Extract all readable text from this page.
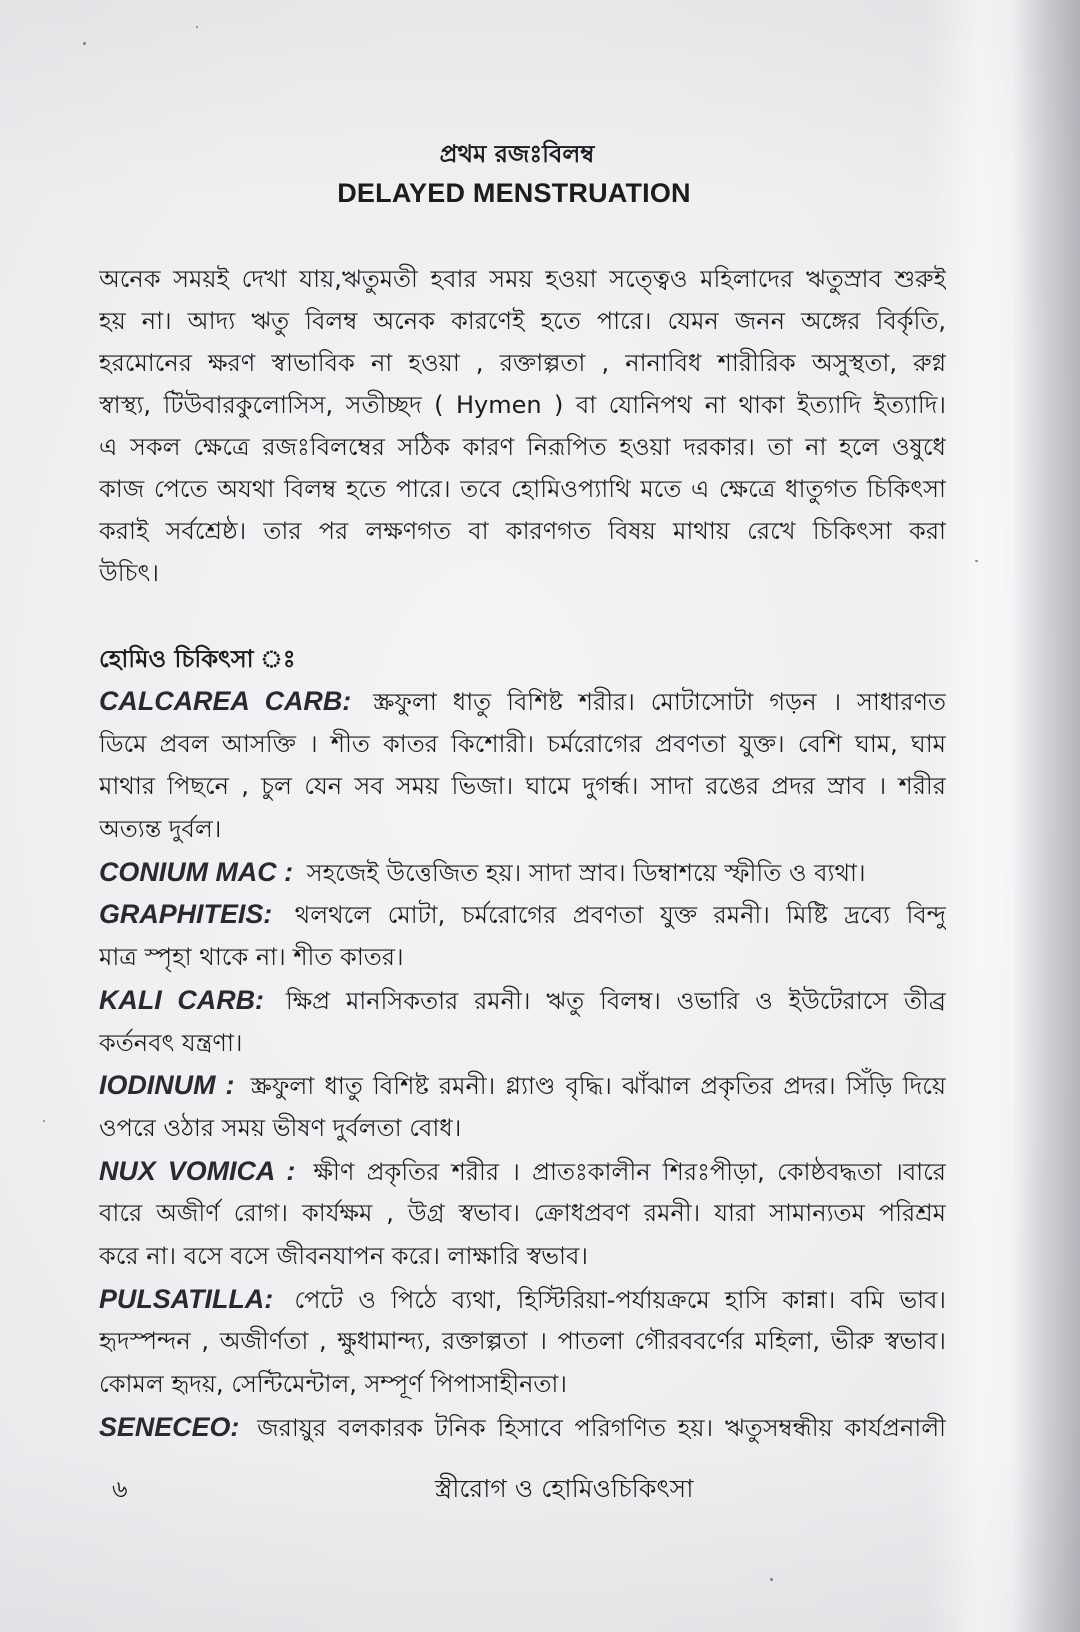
প্রথম রজঃবিলম্ব
DELAYED MENSTRUATION
অনেক সময়ই দেখা যায়,ঋতুমতী হবার সময় হওয়া সত্ত্বেও মহিলাদের ঋতুস্রাব শুরুই
হয় না। আদ্য ঋতু বিলম্ব অনেক কারণেই হতে পারে। যেমন জনন অঙ্গের বির্কৃতি,
হরমোনের ক্ষরণ স্বাভাবিক না হওয়া , রক্তাল্পতা , নানাবিধ শারীরিক অসুস্থতা, রুগ্ন
স্বাস্থ্য, টিউবারকুলোসিস, সতীচ্ছদ ( Hymen ) বা যোনিপথ না থাকা ইত্যাদি ইত্যাদি।
এ সকল ক্ষেত্রে রজঃবিলম্বের সঠিক কারণ নিরূপিত হওয়া দরকার। তা না হলে ওষুধে
কাজ পেতে অযথা বিলম্ব হতে পারে। তবে হোমিওপ্যাথি মতে এ ক্ষেত্রে ধাতুগত চিকিৎসা
করাই সর্বশ্রেষ্ঠ। তার পর লক্ষণগত বা কারণগত বিষয় মাথায় রেখে চিকিৎসা করা
উচিৎ।
হোমিও চিকিৎসা ঃ
CALCAREA CARB: স্ক্রফুলা ধাতু বিশিষ্ট শরীর। মোটাসোটা গড়ন । সাধারণত
ডিমে প্রবল আসক্তি । শীত কাতর কিশোরী। চর্মরোগের প্রবণতা যুক্ত। বেশি ঘাম, ঘাম
মাথার পিছনে , চুল যেন সব সময় ভিজা। ঘামে দুগর্ন্ধ। সাদা রঙের প্রদর স্রাব । শরীর
অত্যন্ত দুর্বল।
CONIUM MAC : সহজেই উত্তেজিত হয়। সাদা স্রাব। ডিম্বাশয়ে স্ফীতি ও ব্যথা।
GRAPHITEIS: থলথলে মোটা, চর্মরোগের প্রবণতা যুক্ত রমনী। মিষ্টি দ্রব্যে বিন্দু
মাত্র স্পৃহা থাকে না। শীত কাতর।
KALI CARB: ক্ষিপ্র মানসিকতার রমনী। ঋতু বিলম্ব। ওভারি ও ইউটেরাসে তীব্র
কর্তনবৎ যন্ত্রণা।
IODINUM : স্ক্রফুলা ধাতু বিশিষ্ট রমনী। গ্ল্যাণ্ড বৃদ্ধি। ঝাঁঝাল প্রকৃতির প্রদর। সিঁড়ি দিয়ে
ওপরে ওঠার সময় ভীষণ দুর্বলতা বোধ।
NUX VOMICA : ক্ষীণ প্রকৃতির শরীর । প্রাতঃকালীন শিরঃপীড়া, কোষ্ঠবদ্ধতা ।বারে
বারে অজীর্ণ রোগ। কার্যক্ষম , উগ্র স্বভাব। ক্রোধপ্রবণ রমনী। যারা সামান্যতম পরিশ্রম
করে না। বসে বসে জীবনযাপন করে। লাক্ষারি স্বভাব।
PULSATILLA: পেটে ও পিঠে ব্যথা, হিস্টিরিয়া-পর্যায়ক্রমে হাসি কান্না। বমি ভাব।
হৃদস্পন্দন , অজীর্ণতা , ক্ষুধামান্দ্য, রক্তাল্পতা । পাতলা গৌরববর্ণের মহিলা, ভীরু স্বভাব।
কোমল হৃদয়, সেন্টিমেন্টাল, সম্পূর্ণ পিপাসাহীনতা।
SENECEO: জরায়ুর বলকারক টনিক হিসাবে পরিগণিত হয়। ঋতুসম্বন্ধীয় কার্যপ্রনালী
৬	স্ত্রীরোগ ও হোমিওচিকিৎসা
